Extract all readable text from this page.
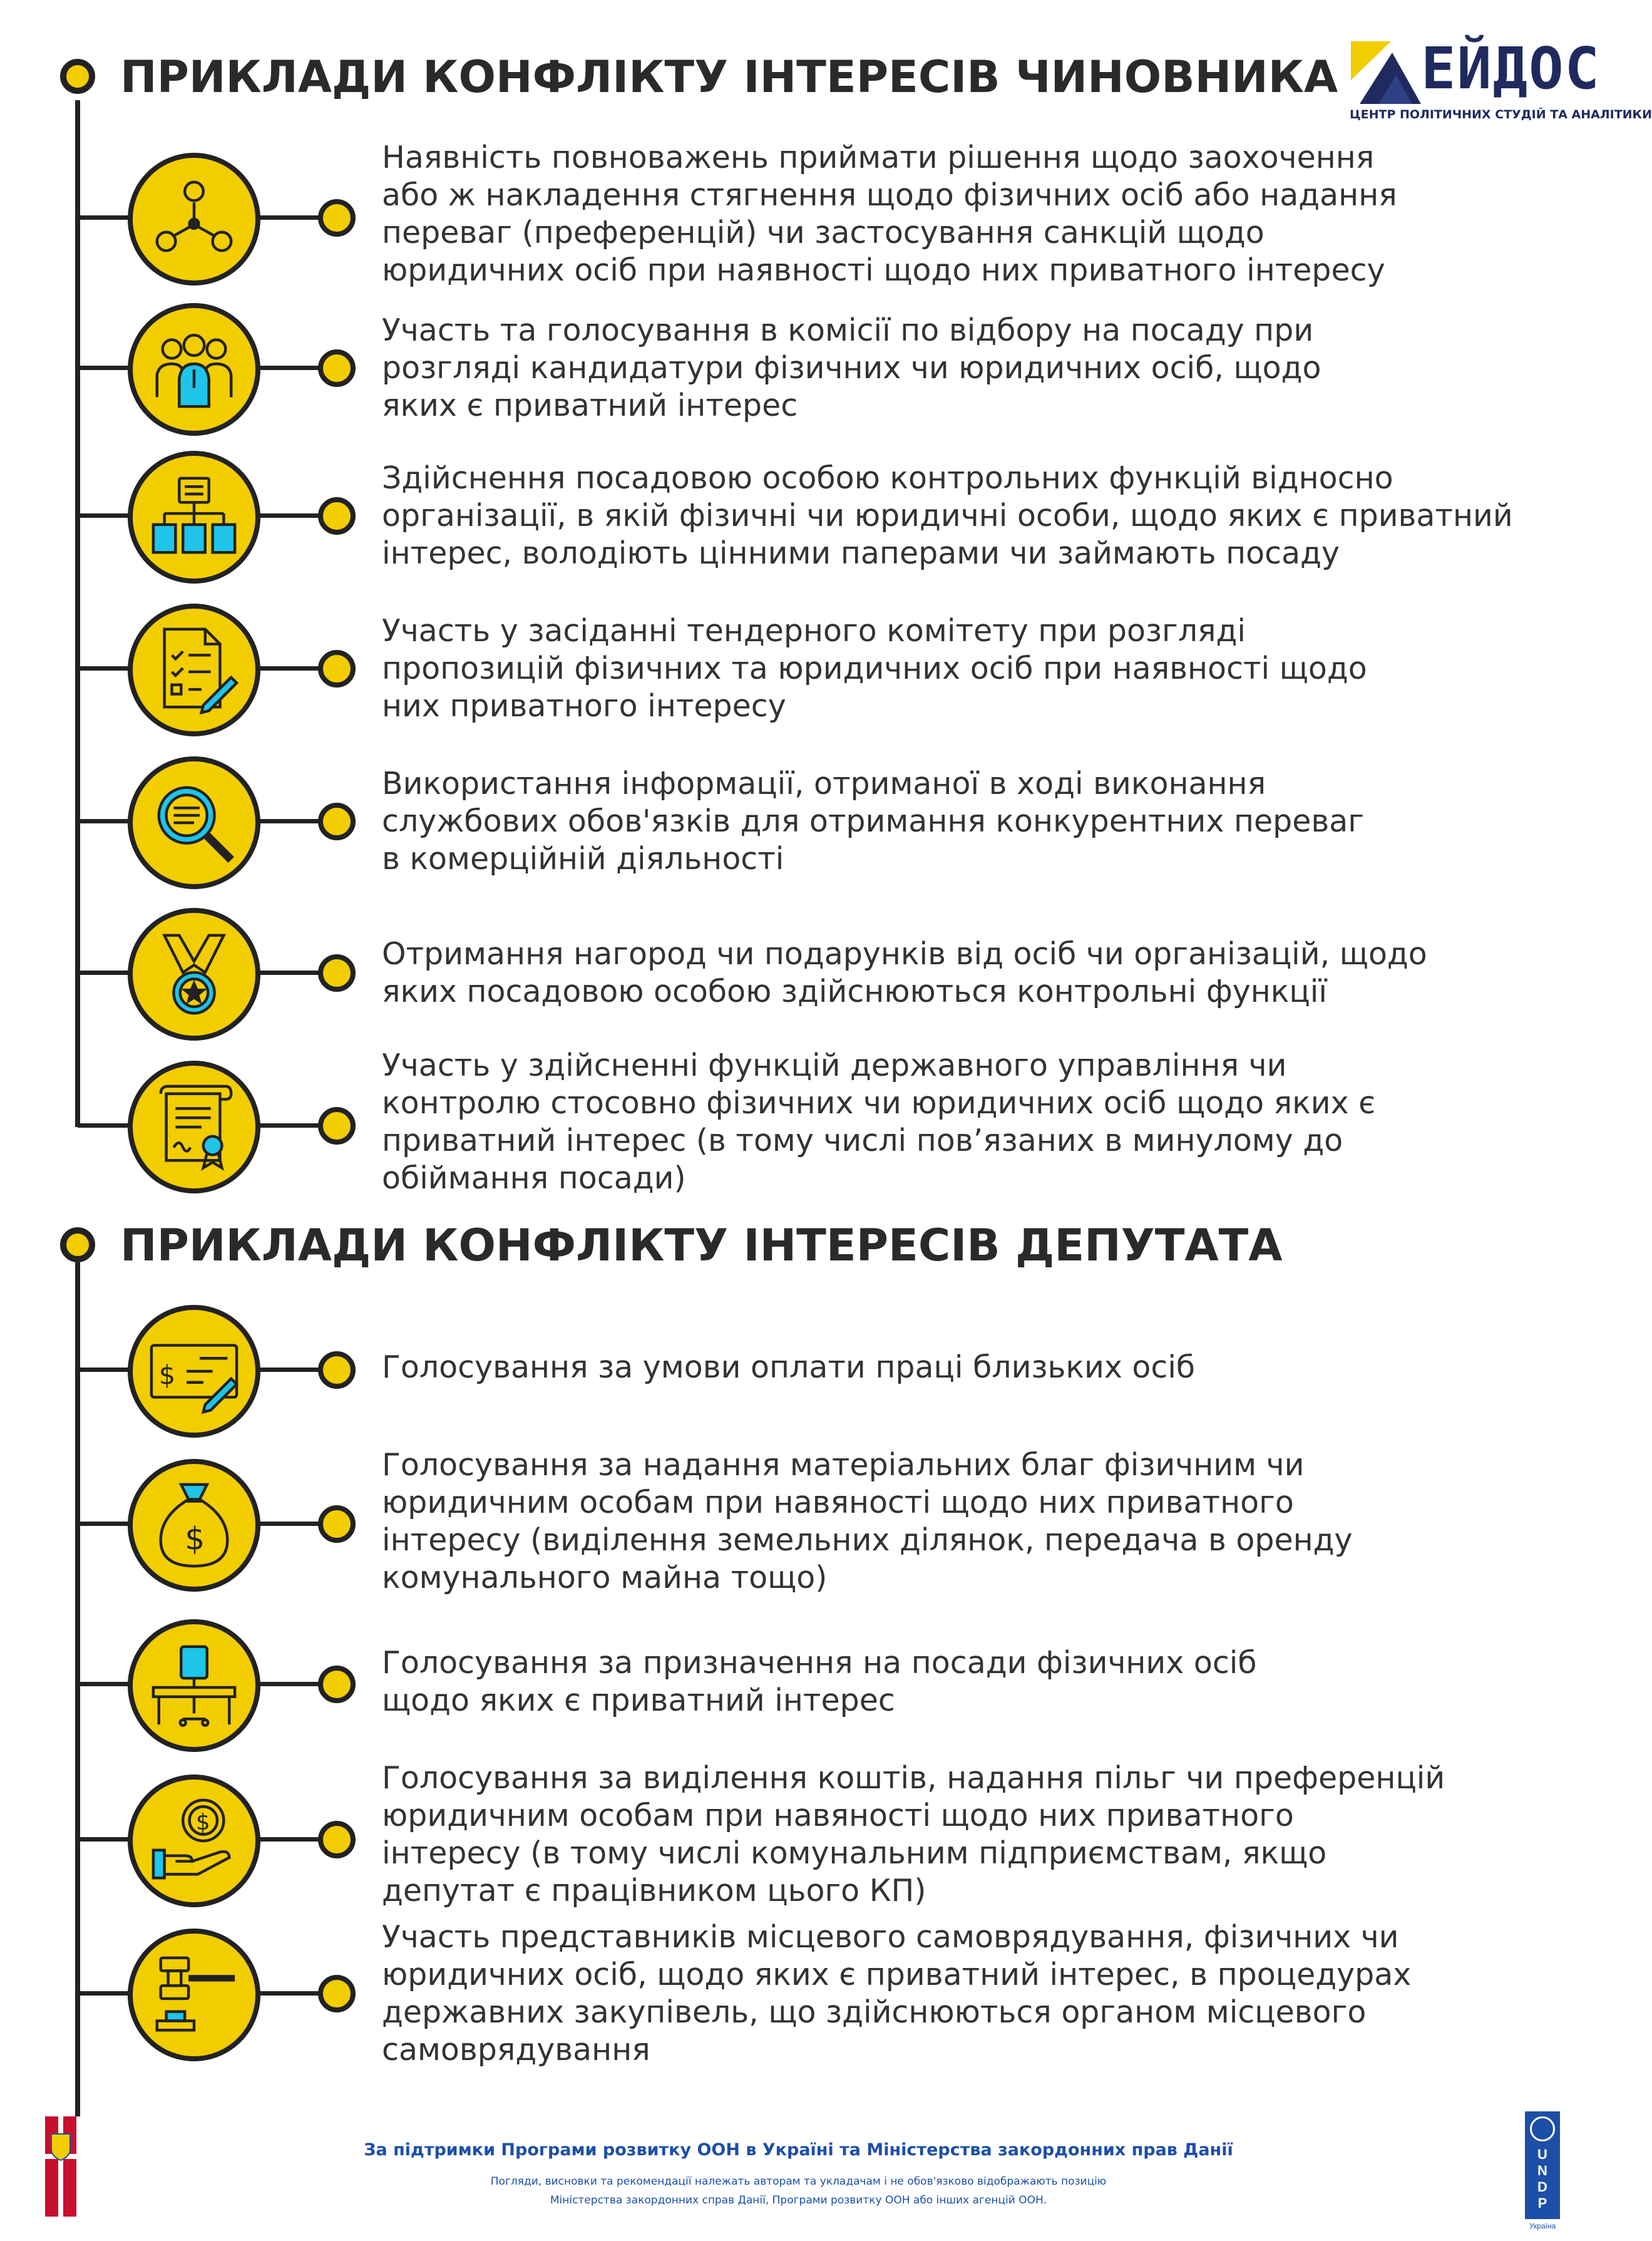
ПРИКЛАДИ КОНФЛІКТУ ІНТЕРЕСІВ ЧИНОВНИКА
ПРИКЛАДИ КОНФЛІКТУ ІНТЕРЕСІВ ДЕПУТАТА
ЕЙДОС
ЦЕНТР ПОЛІТИЧНИХ СТУДІЙ ТА АНАЛІТИКИ
Наявність повноважень приймати рішення щодо заохочення
або ж накладення стягнення щодо фізичних осіб або надання
переваг (преференцій) чи застосування санкцій щодо
юридичних осіб при наявності щодо них приватного інтересу
Участь та голосування в комісії по відбору на посаду при
розгляді кандидатури фізичних чи юридичних осіб, щодо
яких є приватний інтерес
Здійснення посадовою особою контрольних функцій відносно
організації, в якій фізичні чи юридичні особи, щодо яких є приватний
інтерес, володіють цінними паперами чи займають посаду
Участь у засіданні тендерного комітету при розгляді
пропозицій фізичних та юридичних осіб при наявності щодо
них приватного інтересу
Використання інформації, отриманої в ході виконання
службових обов'язків для отримання конкурентних переваг
в комерційній діяльності
Отримання нагород чи подарунків від осіб чи організацій, щодо
яких посадовою особою здійснюються контрольні функції
Участь у здійсненні функцій державного управління чи
контролю стосовно фізичних чи юридичних осіб щодо яких є
приватний інтерес (в тому числі пов’язаних в минулому до
обіймання посади)
$	Голосування за умови оплати праці близьких осіб
$
Голосування за надання матеріальних благ фізичним чи
юридичним особам при навяності щодо них приватного
інтересу (виділення земельних ділянок, передача в оренду
комунального майна тощо)
Голосування за призначення на посади фізичних осіб
щодо яких є приватний інтерес
$
Голосування за виділення коштів, надання пільг чи преференцій
юридичним особам при навяності щодо них приватного
інтересу (в тому числі комунальним підприємствам, якщо
депутат є працівником цього КП)
Участь представників місцевого самоврядування, фізичних чи
юридичних осіб, щодо яких є приватний інтерес, в процедурах
державних закупівель, що здійснюються органом місцевого
самоврядування
За підтримки Програми розвитку ООН в Україні та Міністерства закордонних прав Данії
Погляди, висновки та рекомендації належать авторам та укладачам і не обов'язково відображають позицію
Міністерства закордонних справ Данії, Програми розвитку ООН або інших агенцій ООН.
U
N
D
P
Україна
